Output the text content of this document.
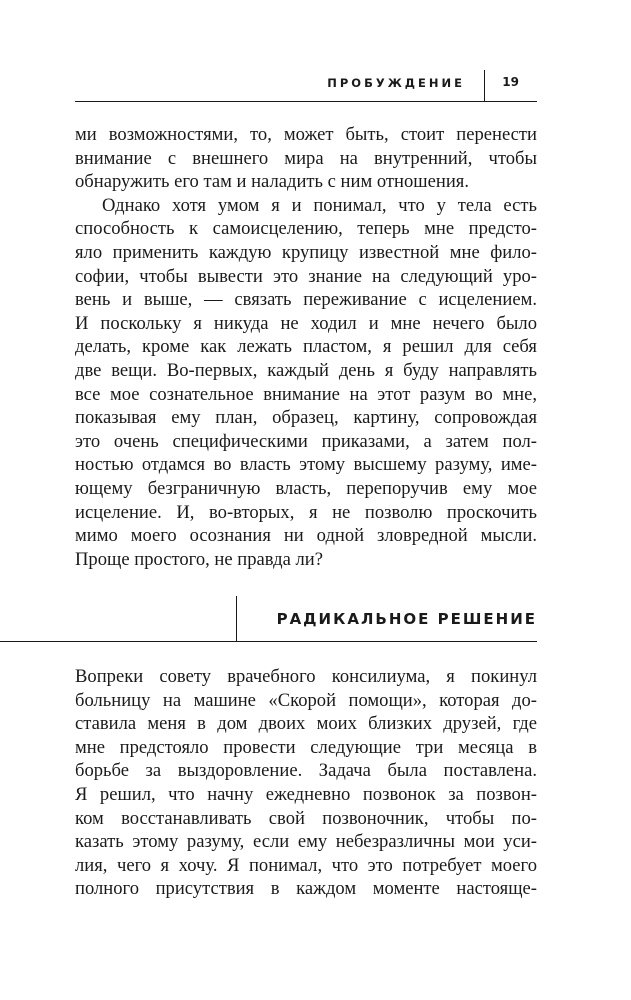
ПРОБУЖДЕНИЕ	19
ми возможностями, то, может быть, стоит перенести
внимание с внешнего мира на внутренний, чтобы
обнаружить его там и наладить с ним отношения.
Однако хотя умом я и понимал, что у тела есть
способность к самоисцелению, теперь мне предсто-
яло применить каждую крупицу известной мне фило-
софии, чтобы вывести это знание на следующий уро-
вень и выше, — связать переживание с исцелением.
И поскольку я никуда не ходил и мне нечего было
делать, кроме как лежать пластом, я решил для себя
две вещи. Во-первых, каждый день я буду направлять
все мое сознательное внимание на этот разум во мне,
показывая ему план, образец, картину, сопровождая
это очень специфическими приказами, а затем пол-
ностью отдамся во власть этому высшему разуму, име-
ющему безграничную власть, перепоручив ему мое
исцеление. И, во-вторых, я не позволю проскочить
мимо моего осознания ни одной зловредной мысли.
Проще простого, не правда ли?
РАДИКАЛЬНОЕ РЕШЕНИЕ
Вопреки совету врачебного консилиума, я покинул
больницу на машине «Скорой помощи», которая до-
ставила меня в дом двоих моих близких друзей, где
мне предстояло провести следующие три месяца в
борьбе за выздоровление. Задача была поставлена.
Я решил, что начну ежедневно позвонок за позвон-
ком восстанавливать свой позвоночник, чтобы по-
казать этому разуму, если ему небезразличны мои уси-
лия, чего я хочу. Я понимал, что это потребует моего
полного присутствия в каждом моменте настояще-
